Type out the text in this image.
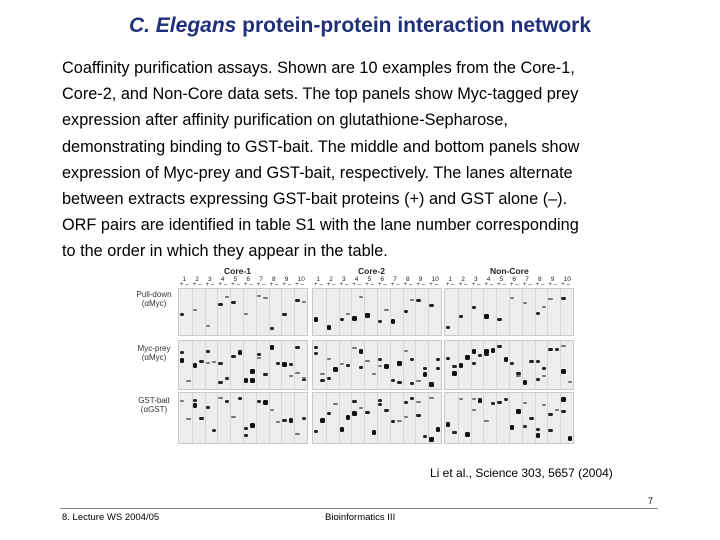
C. Elegans protein-protein interaction network
Coaffinity purification assays. Shown are 10 examples from the Core-1,
Core-2, and Non-Core data sets. The top panels show Myc-tagged prey
expression after affinity purification on glutathione-Sepharose,
demonstrating binding to GST-bait. The middle and bottom panels show
expression of Myc-prey and GST-bait, respectively. The lanes alternate
between extracts expressing GST-bait proteins (+) and GST alone (–).
ORF pairs are identified in table S1 with the lane number corresponding
to the order in which they appear in the table.
Pull-down
(αMyc)
Myc-prey
(αMyc)
GST-bait
(αGST)
Core-1
1
+ –
2
+ –
3
+ –
4
+ –
5
+ –
6
+ –
7
+ –
8
+ –
9
+ –
10
+ –
Core-2
1
+ –
2
+ –
3
+ –
4
+ –
5
+ –
6
+ –
7
+ –
8
+ –
9
+ –
10
+ –
Non-Core
1
+ –
2
+ –
3
+ –
4
+ –
5
+ –
6
+ –
7
+ –
8
+ –
9
+ –
10
+ –
Li et al., Science 303, 5657 (2004)
7
8. Lecture WS 2004/05	Bioinformatics III
